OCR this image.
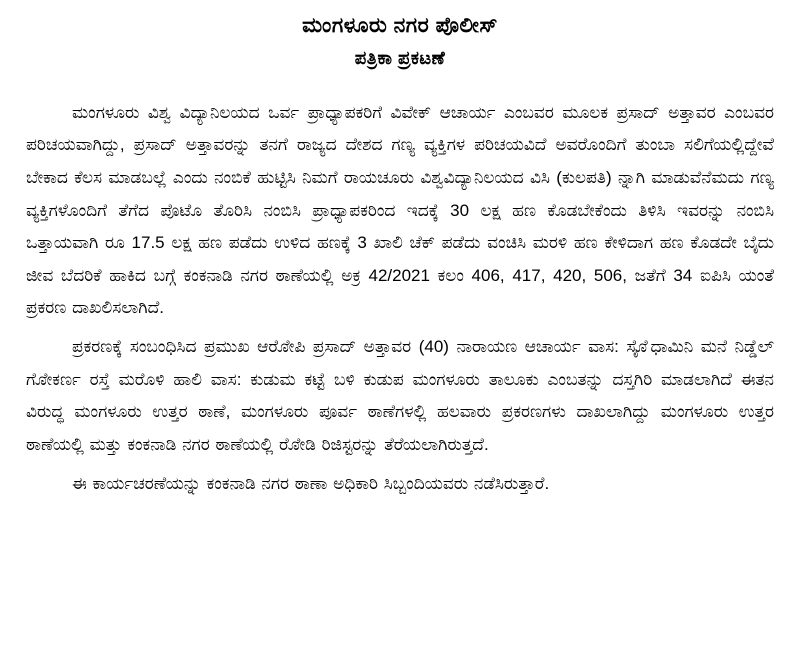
ಮಂಗಳೂರು ನಗರ ಪೊಲೀಸ್
ಪತ್ರಿಕಾ ಪ್ರಕಟಣೆ

ಮಂಗಳೂರು ವಿಶ್ವ ವಿದ್ಯಾನಿಲಯದ ಒರ್ವ ಪ್ರಾಧ್ಯಾಪಕರಿಗೆ ವಿವೇಕ್ ಆಚಾರ್ಯ ಎಂಬವರ ಮೂಲಕ ಪ್ರಸಾದ್ ಅತ್ತಾವರ ಎಂಬವರ ಪರಿಚಯವಾಗಿದ್ದು, ಪ್ರಸಾದ್ ಅತ್ತಾವರನ್ನು ತನಗೆ ರಾಜ್ಯದ ದೇಶದ ಗಣ್ಯ ವ್ಯಕ್ತಿಗಳ ಪರಿಚಯವಿದೆ ಅವರೊಂದಿಗೆ ತುಂಬಾ ಸಲಿಗೆಯಲ್ಲಿದ್ದೇವೆ ಬೇಕಾದ ಕೆಲಸ ಮಾಡಬಲ್ಲೆ ಎಂದು ನಂಬಿಕೆ ಹುಟ್ಟಿಸಿ ನಿಮಗೆ ರಾಯಚೂರು ವಿಶ್ವವಿದ್ಯಾನಿಲಯದ ವಿಸಿ (ಕುಲಪತಿ) ನ್ನಾಗಿ ಮಾಡುವೆನೆಮದು ಗಣ್ಯ ವ್ಯಕ್ತಿಗಳೊಂದಿಗೆ ತೆಗೆದ ಪೊಟೊ ತೊರಿಸಿ ನಂಬಿಸಿ ಪ್ರಾಧ್ಯಾಪಕರಿಂದ ಇದಕ್ಕೆ 30 ಲಕ್ಷ ಹಣ ಕೊಡಬೇಕೆಂದು ತಿಳಿಸಿ ಇವರನ್ನು ನಂಬಿಸಿ ಒತ್ತಾಯವಾಗಿ ರೂ 17.5 ಲಕ್ಷ ಹಣ ಪಡೆದು ಉಳಿದ ಹಣಕ್ಕೆ 3 ಖಾಲಿ ಚೆಕ್ ಪಡೆದು ವಂಚಿಸಿ ಮರಳಿ ಹಣ ಕೇಳಿದಾಗ ಹಣ ಕೊಡದೇ ಬೈದು ಜೀವ ಬೆದರಿಕೆ ಹಾಕಿದ ಬಗ್ಗೆ ಕಂಕನಾಡಿ ನಗರ ಠಾಣೆಯಲ್ಲಿ ಅಕ್ರ 42/2021 ಕಲಂ 406, 417, 420, 506, ಜತೆಗೆ 34 ಐಪಿಸಿ ಯಂತೆ ಪ್ರಕರಣ ದಾಖಲಿಸಲಾಗಿದೆ.

ಪ್ರಕರಣಕ್ಕೆ ಸಂಬಂಧಿಸಿದ ಪ್ರಮುಖ ಆರೊೇಪಿ ಪ್ರಸಾದ್ ಅತ್ತಾವರ (40) ನಾರಾಯಣ ಆಚಾರ್ಯ ವಾಸ: ಸೊೈಧಾಮಿನಿ ಮನೆ ನಿಡ್ಡೆಲ್ ಗೊೇಕರ್ಣ ರಸ್ತೆ ಮರೊಳಿ ಹಾಲಿ ವಾಸ: ಕುಡುಮ ಕಟ್ಟೆ ಬಳಿ ಕುಡುಪ ಮಂಗಳೂರು ತಾಲೂಕು ಎಂಬತನ್ನು ದಸ್ತಗಿರಿ ಮಾಡಲಾಗಿದೆ ಈತನ ವಿರುದ್ಧ ಮಂಗಳೂರು ಉತ್ತರ ಠಾಣೆ, ಮಂಗಳೂರು ಪೂರ್ವ ಠಾಣೆಗಳಲ್ಲಿ ಹಲವಾರು ಪ್ರಕರಣಗಳು ದಾಖಲಾಗಿದ್ದು ಮಂಗಳೂರು ಉತ್ತರ ಠಾಣೆಯಲ್ಲಿ ಮತ್ತು ಕಂಕನಾಡಿ ನಗರ ಠಾಣೆಯಲ್ಲಿ ರೊೇಡಿ ರಿಜಿಸ್ಟರನ್ನು ತೆರೆಯಲಾಗಿರುತ್ತದೆ.

ಈ ಕಾರ್ಯಚರಣೆಯನ್ನು ಕಂಕನಾಡಿ ನಗರ ಠಾಣಾ ಅಧಿಕಾರಿ ಸಿಬ್ಬಂದಿಯವರು ನಡೆಸಿರುತ್ತಾರೆ.
